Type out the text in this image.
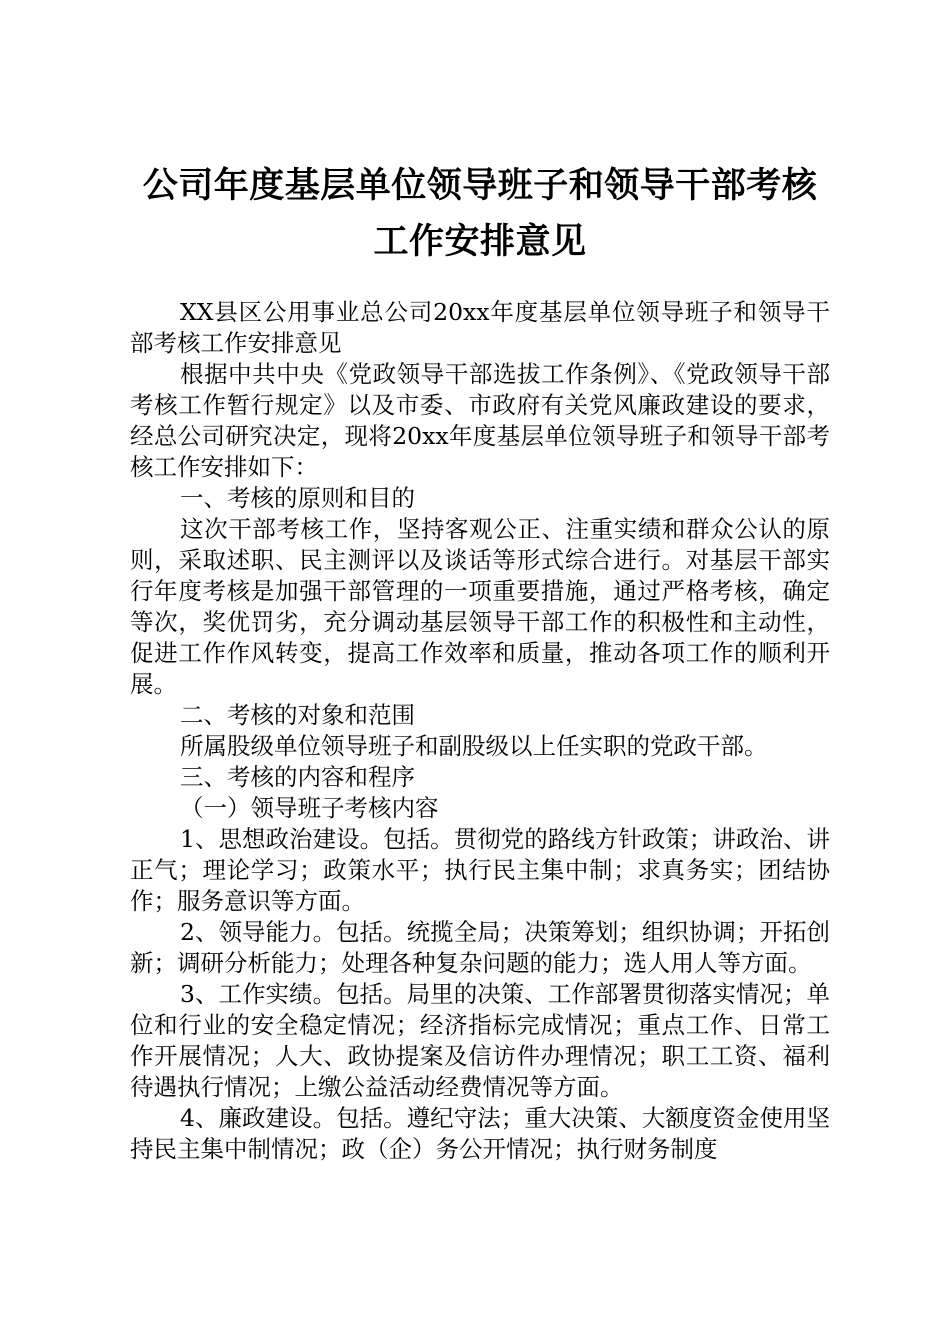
公司年度基层单位领导班子和领导干部考核工作安排意见

XX县区公用事业总公司20xx年度基层单位领导班子和领导干部考核工作安排意见

根据中共中央《党政领导干部选拔工作条例》、《党政领导干部考核工作暂行规定》以及市委、市政府有关党风廉政建设的要求，经总公司研究决定，现将20xx年度基层单位领导班子和领导干部考核工作安排如下：

一、考核的原则和目的

这次干部考核工作，坚持客观公正、注重实绩和群众公认的原则，采取述职、民主测评以及谈话等形式综合进行。对基层干部实行年度考核是加强干部管理的一项重要措施，通过严格考核，确定等次，奖优罚劣，充分调动基层领导干部工作的积极性和主动性，促进工作作风转变，提高工作效率和质量，推动各项工作的顺利开展。

二、考核的对象和范围

所属股级单位领导班子和副股级以上任实职的党政干部。

三、考核的内容和程序

（一）领导班子考核内容

1、思想政治建设。包括。贯彻党的路线方针政策；讲政治、讲正气；理论学习；政策水平；执行民主集中制；求真务实；团结协作；服务意识等方面。

2、领导能力。包括。统揽全局；决策筹划；组织协调；开拓创新；调研分析能力；处理各种复杂问题的能力；选人用人等方面。

3、工作实绩。包括。局里的决策、工作部署贯彻落实情况；单位和行业的安全稳定情况；经济指标完成情况；重点工作、日常工作开展情况；人大、政协提案及信访件办理情况；职工工资、福利待遇执行情况；上缴公益活动经费情况等方面。

4、廉政建设。包括。遵纪守法；重大决策、大额度资金使用坚持民主集中制情况；政（企）务公开情况；执行财务制度
